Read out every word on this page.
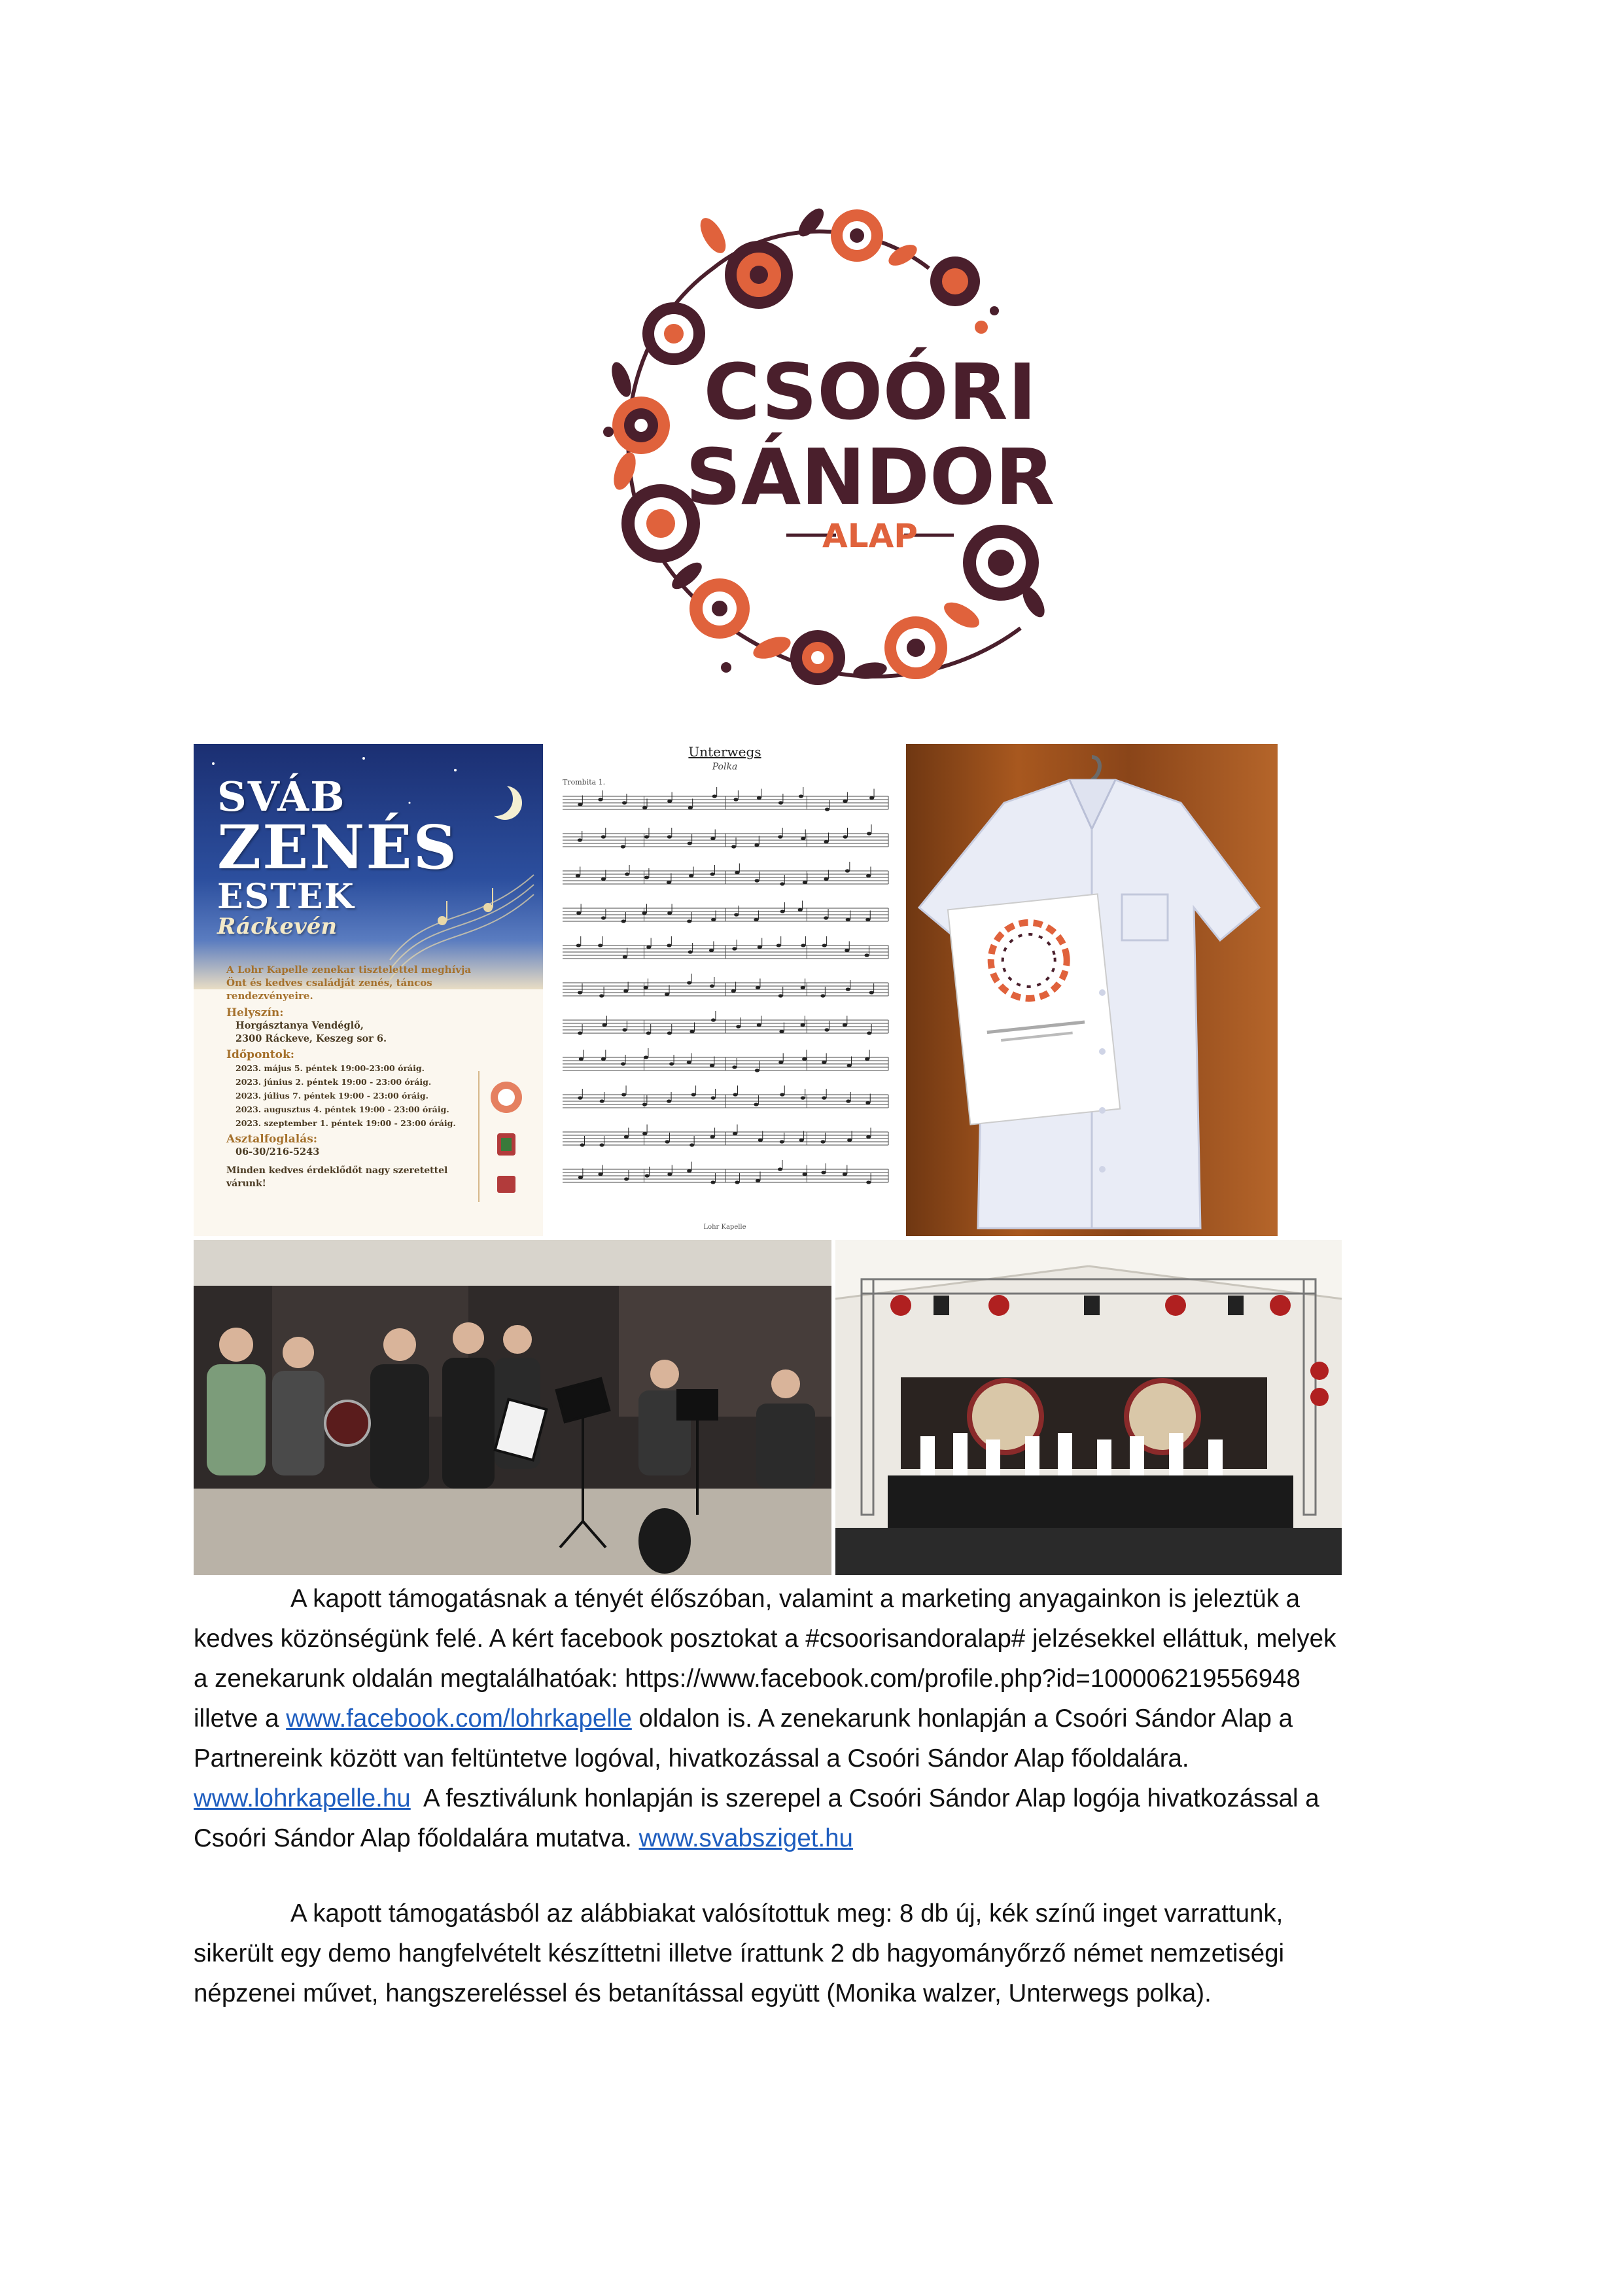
CSOÓRI
SÁNDOR
ALAP
SVÁB
ZENÉS
ESTEK
Ráckevén
A Lohr Kapelle zenekar tisztelettel meghívja Önt és kedves családját zenés, táncos rendezvényeire.
Helyszín:
Horgásztanya Vendéglő,
2300 Ráckeve, Keszeg sor 6.
Időpontok:
2023. május 5. péntek 19:00-23:00 óráig.
2023. június 2. péntek 19:00 - 23:00 óráig.
2023. július 7. péntek 19:00 - 23:00 óráig.
2023. augusztus 4. péntek 19:00 - 23:00 óráig.
2023. szeptember 1. péntek 19:00 - 23:00 óráig.
Asztalfoglalás:
06-30/216-5243
Minden kedves érdeklődőt nagy szeretettel várunk!
Unterwegs
Polka
Trombita 1.
Lohr Kapelle
A kapott támogatásnak a tényét élőszóban, valamint a marketing anyagainkon is jeleztük a
kedves közönségünk felé. A kért facebook posztokat a #csoorisandoralap# jelzésekkel elláttuk, melyek
a zenekarunk oldalán megtalálhatóak: https://www.facebook.com/profile.php?id=100006219556948
illetve a www.facebook.com/lohrkapelle oldalon is. A zenekarunk honlapján a Csoóri Sándor Alap a
Partnereink között van feltüntetve logóval, hivatkozással a Csoóri Sándor Alap főoldalára.
www.lohrkapelle.hu  A fesztiválunk honlapján is szerepel a Csoóri Sándor Alap logója hivatkozással a
Csoóri Sándor Alap főoldalára mutatva. www.svabsziget.hu
A kapott támogatásból az alábbiakat valósítottuk meg: 8 db új, kék színű inget varrattunk,
sikerült egy demo hangfelvételt készíttetni illetve írattunk 2 db hagyományőrző német nemzetiségi
népzenei művet, hangszereléssel és betanítással együtt (Monika walzer, Unterwegs polka).
